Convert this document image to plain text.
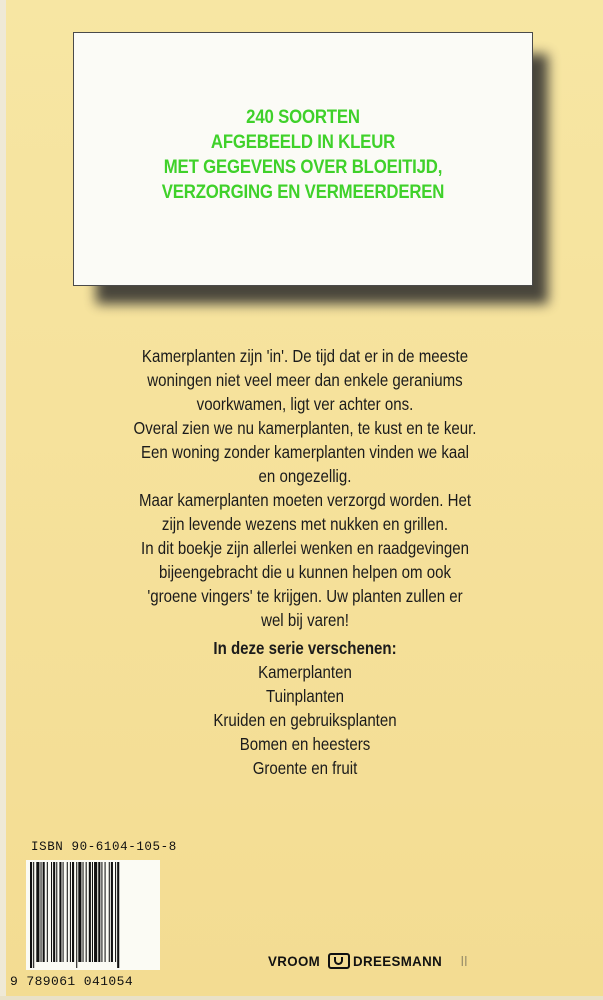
240 SOORTEN
AFGEBEELD IN KLEUR
MET GEGEVENS OVER BLOEITIJD,
VERZORGING EN VERMEERDEREN
Kamerplanten zijn 'in'. De tijd dat er in de meeste
woningen niet veel meer dan enkele geraniums
voorkwamen, ligt ver achter ons.
Overal zien we nu kamerplanten, te kust en te keur.
Een woning zonder kamerplanten vinden we kaal
en ongezellig.
Maar kamerplanten moeten verzorgd worden. Het
zijn levende wezens met nukken en grillen.
In dit boekje zijn allerlei wenken en raadgevingen
bijeengebracht die u kunnen helpen om ook
'groene vingers' te krijgen. Uw planten zullen er
wel bij varen!
In deze serie verschenen:
Kamerplanten
Tuinplanten
Kruiden en gebruiksplanten
Bomen en heesters
Groente en fruit
ISBN 90-6104-105-8
9 789061 041054
VROOM DREESMANN ll
